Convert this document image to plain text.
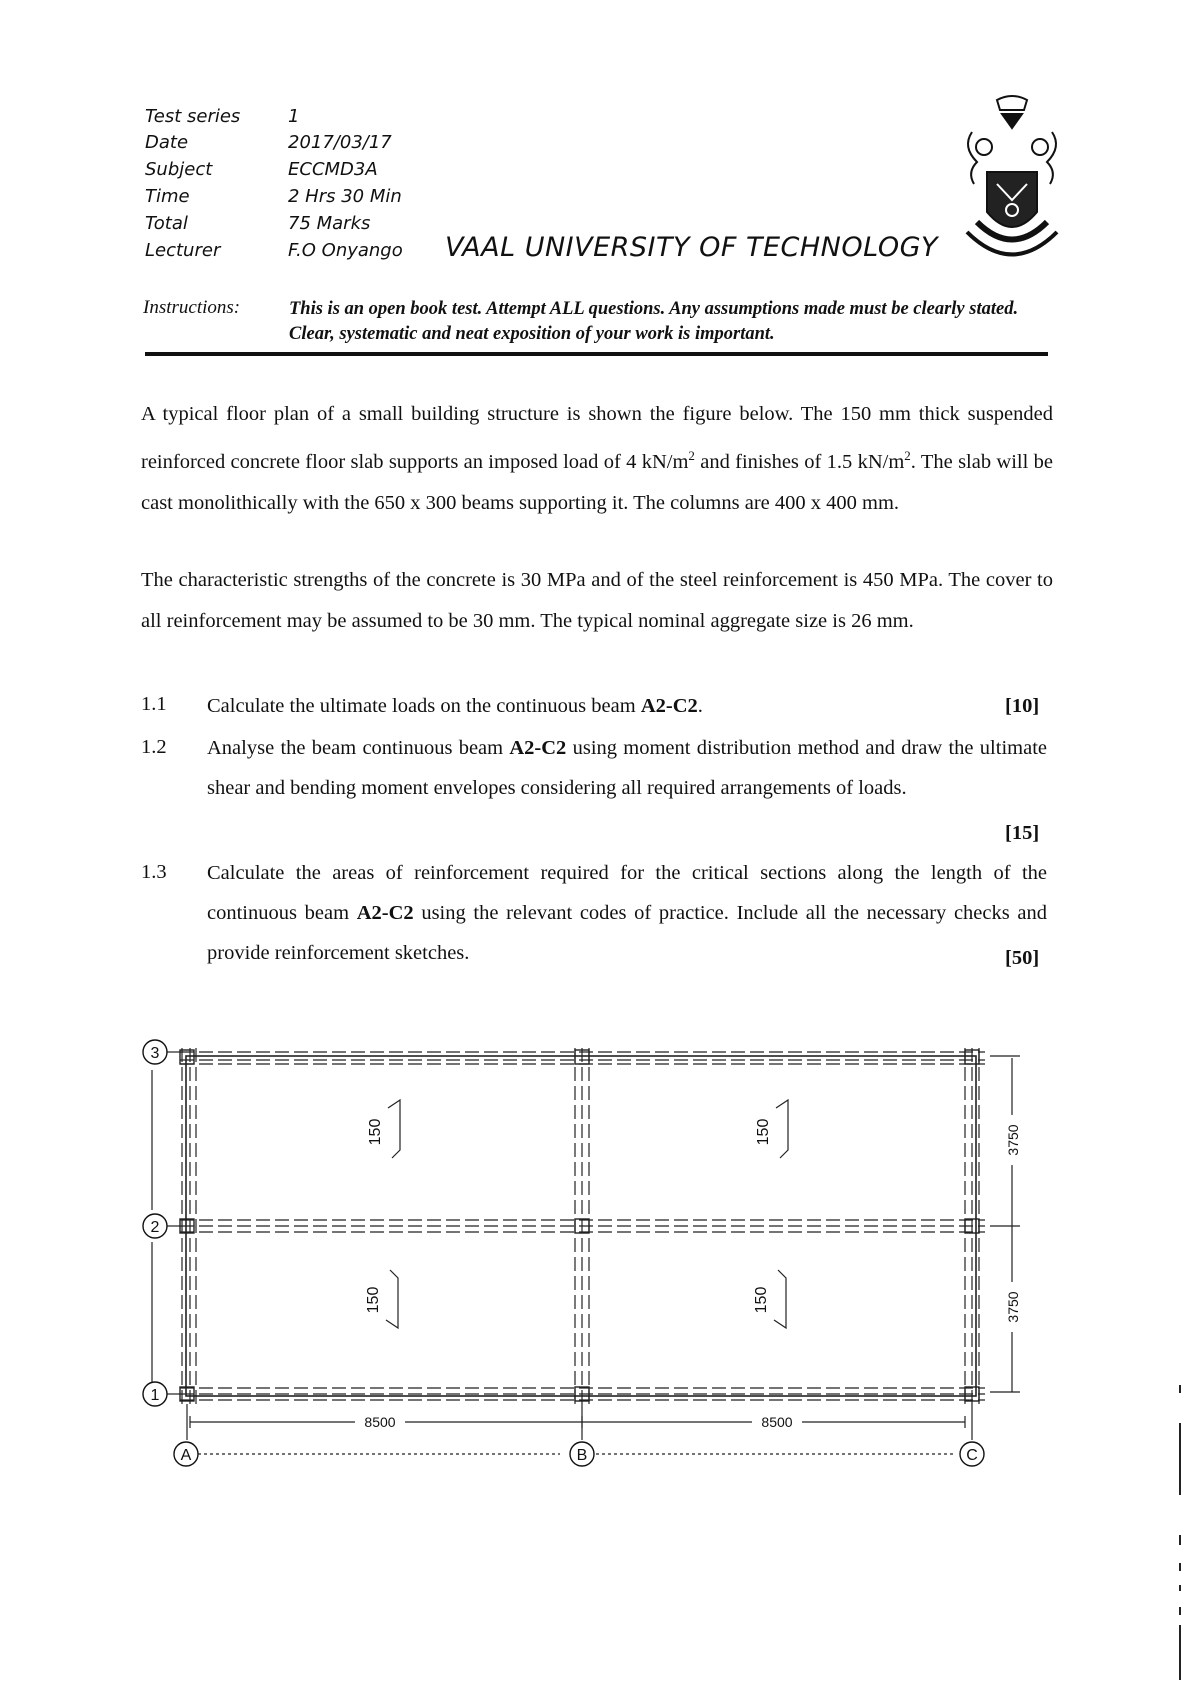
Test series	1
Date	2017/03/17
Subject	ECCMD3A
Time	2 Hrs 30 Min
Total	75 Marks
Lecturer	F.O Onyango VAAL UNIVERSITY OF TECHNOLOGY
Instructions:	This is an open book test. Attempt ALL questions. Any assumptions made must be clearly stated. Clear, systematic and neat exposition of your work is important.
A typical floor plan of a small building structure is shown the figure below. The 150 mm thick suspended reinforced concrete floor slab supports an imposed load of 4 $kN/m^2$ and finishes of 1.5 $kN/m^2$. The slab will be cast monolithically with the 650 x 300 beams supporting it. The columns are 400 x 400 mm.
The characteristic strengths of the concrete is 30 MPa and of the steel reinforcement is 450 MPa. The cover to all reinforcement may be assumed to be 30 mm. The typical nominal aggregate size is 26 mm.
1.1 Calculate the ultimate loads on the continuous beam A2-C2.	[10]
1.2 Analyse the beam continuous beam A2-C2 using moment distribution method and draw the ultimate shear and bending moment envelopes considering all required arrangements of loads.
[15]
1.3 Calculate the areas of reinforcement required for the critical sections along the length of the continuous beam A2-C2 using the relevant codes of practice. Include all the necessary checks and provide reinforcement sketches.	[50]
3
2
1
A	B	C
8500	8500
3750
3750
150	150
150	150
